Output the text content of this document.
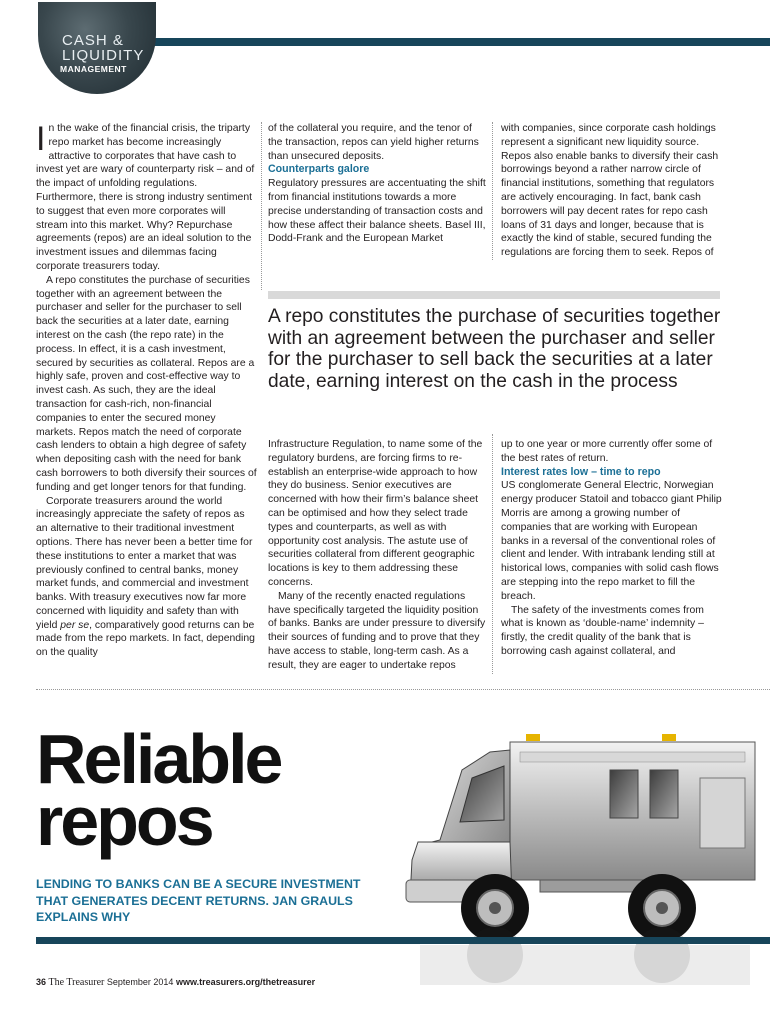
CASH &
LIQUIDITY
MANAGEMENT

In the wake of the financial crisis, the triparty repo market has become increasingly attractive to corporates that have cash to invest yet are wary of counterparty risk – and of the impact of unfolding regulations. Furthermore, there is strong industry sentiment to suggest that even more corporates will stream into this market. Why? Repurchase agreements (repos) are an ideal solution to the investment issues and dilemmas facing corporate treasurers today.

A repo constitutes the purchase of securities together with an agreement between the purchaser and seller for the purchaser to sell back the securities at a later date, earning interest on the cash (the repo rate) in the process. In effect, it is a cash investment, secured by securities as collateral. Repos are a highly safe, proven and cost-effective way to invest cash. As such, they are the ideal transaction for cash-rich, non-financial companies to enter the secured money markets. Repos match the need of corporate cash lenders to obtain a high degree of safety when depositing cash with the need for bank cash borrowers to both diversify their sources of funding and get longer tenors for that funding.

Corporate treasurers around the world increasingly appreciate the safety of repos as an alternative to their traditional investment options. There has never been a better time for these institutions to enter a market that was previously confined to central banks, money market funds, and commercial and investment banks. With treasury executives now far more concerned with liquidity and safety than with yield per se, comparatively good returns can be made from the repo markets. In fact, depending on the quality

of the collateral you require, and the tenor of the transaction, repos can yield higher returns than unsecured deposits.

Counterparts galore

Regulatory pressures are accentuating the shift from financial institutions towards a more precise understanding of transaction costs and how these affect their balance sheets. Basel III, Dodd-Frank and the European Market

with companies, since corporate cash holdings represent a significant new liquidity source. Repos also enable banks to diversify their cash borrowings beyond a rather narrow circle of financial institutions, something that regulators are actively encouraging. In fact, bank cash borrowers will pay decent rates for repo cash loans of 31 days and longer, because that is exactly the kind of stable, secured funding the regulations are forcing them to seek. Repos of

A repo constitutes the purchase of securities together with an agreement between the purchaser and seller for the purchaser to sell back the securities at a later date, earning interest on the cash in the process

Infrastructure Regulation, to name some of the regulatory burdens, are forcing firms to re-establish an enterprise-wide approach to how they do business. Senior executives are concerned with how their firm’s balance sheet can be optimised and how they select trade types and counterparts, as well as with opportunity cost analysis. The astute use of securities collateral from different geographic locations is key to them addressing these concerns.

Many of the recently enacted regulations have specifically targeted the liquidity position of banks. Banks are under pressure to diversify their sources of funding and to prove that they have access to stable, long-term cash. As a result, they are eager to undertake repos

up to one year or more currently offer some of the best rates of return.

Interest rates low – time to repo

US conglomerate General Electric, Norwegian energy producer Statoil and tobacco giant Philip Morris are among a growing number of companies that are working with European banks in a reversal of the conventional roles of client and lender. With intrabank lending still at historical lows, companies with solid cash flows are stepping into the repo market to fill the breach.

The safety of the investments comes from what is known as ‘double-name’ indemnity – firstly, the credit quality of the bank that is borrowing cash against collateral, and

Reliable
repos
LENDING TO BANKS CAN BE A SECURE INVESTMENT THAT GENERATES DECENT RETURNS. JAN GRAULS EXPLAINS WHY
36 The Treasurer September 2014 www.treasurers.org/thetreasurer
